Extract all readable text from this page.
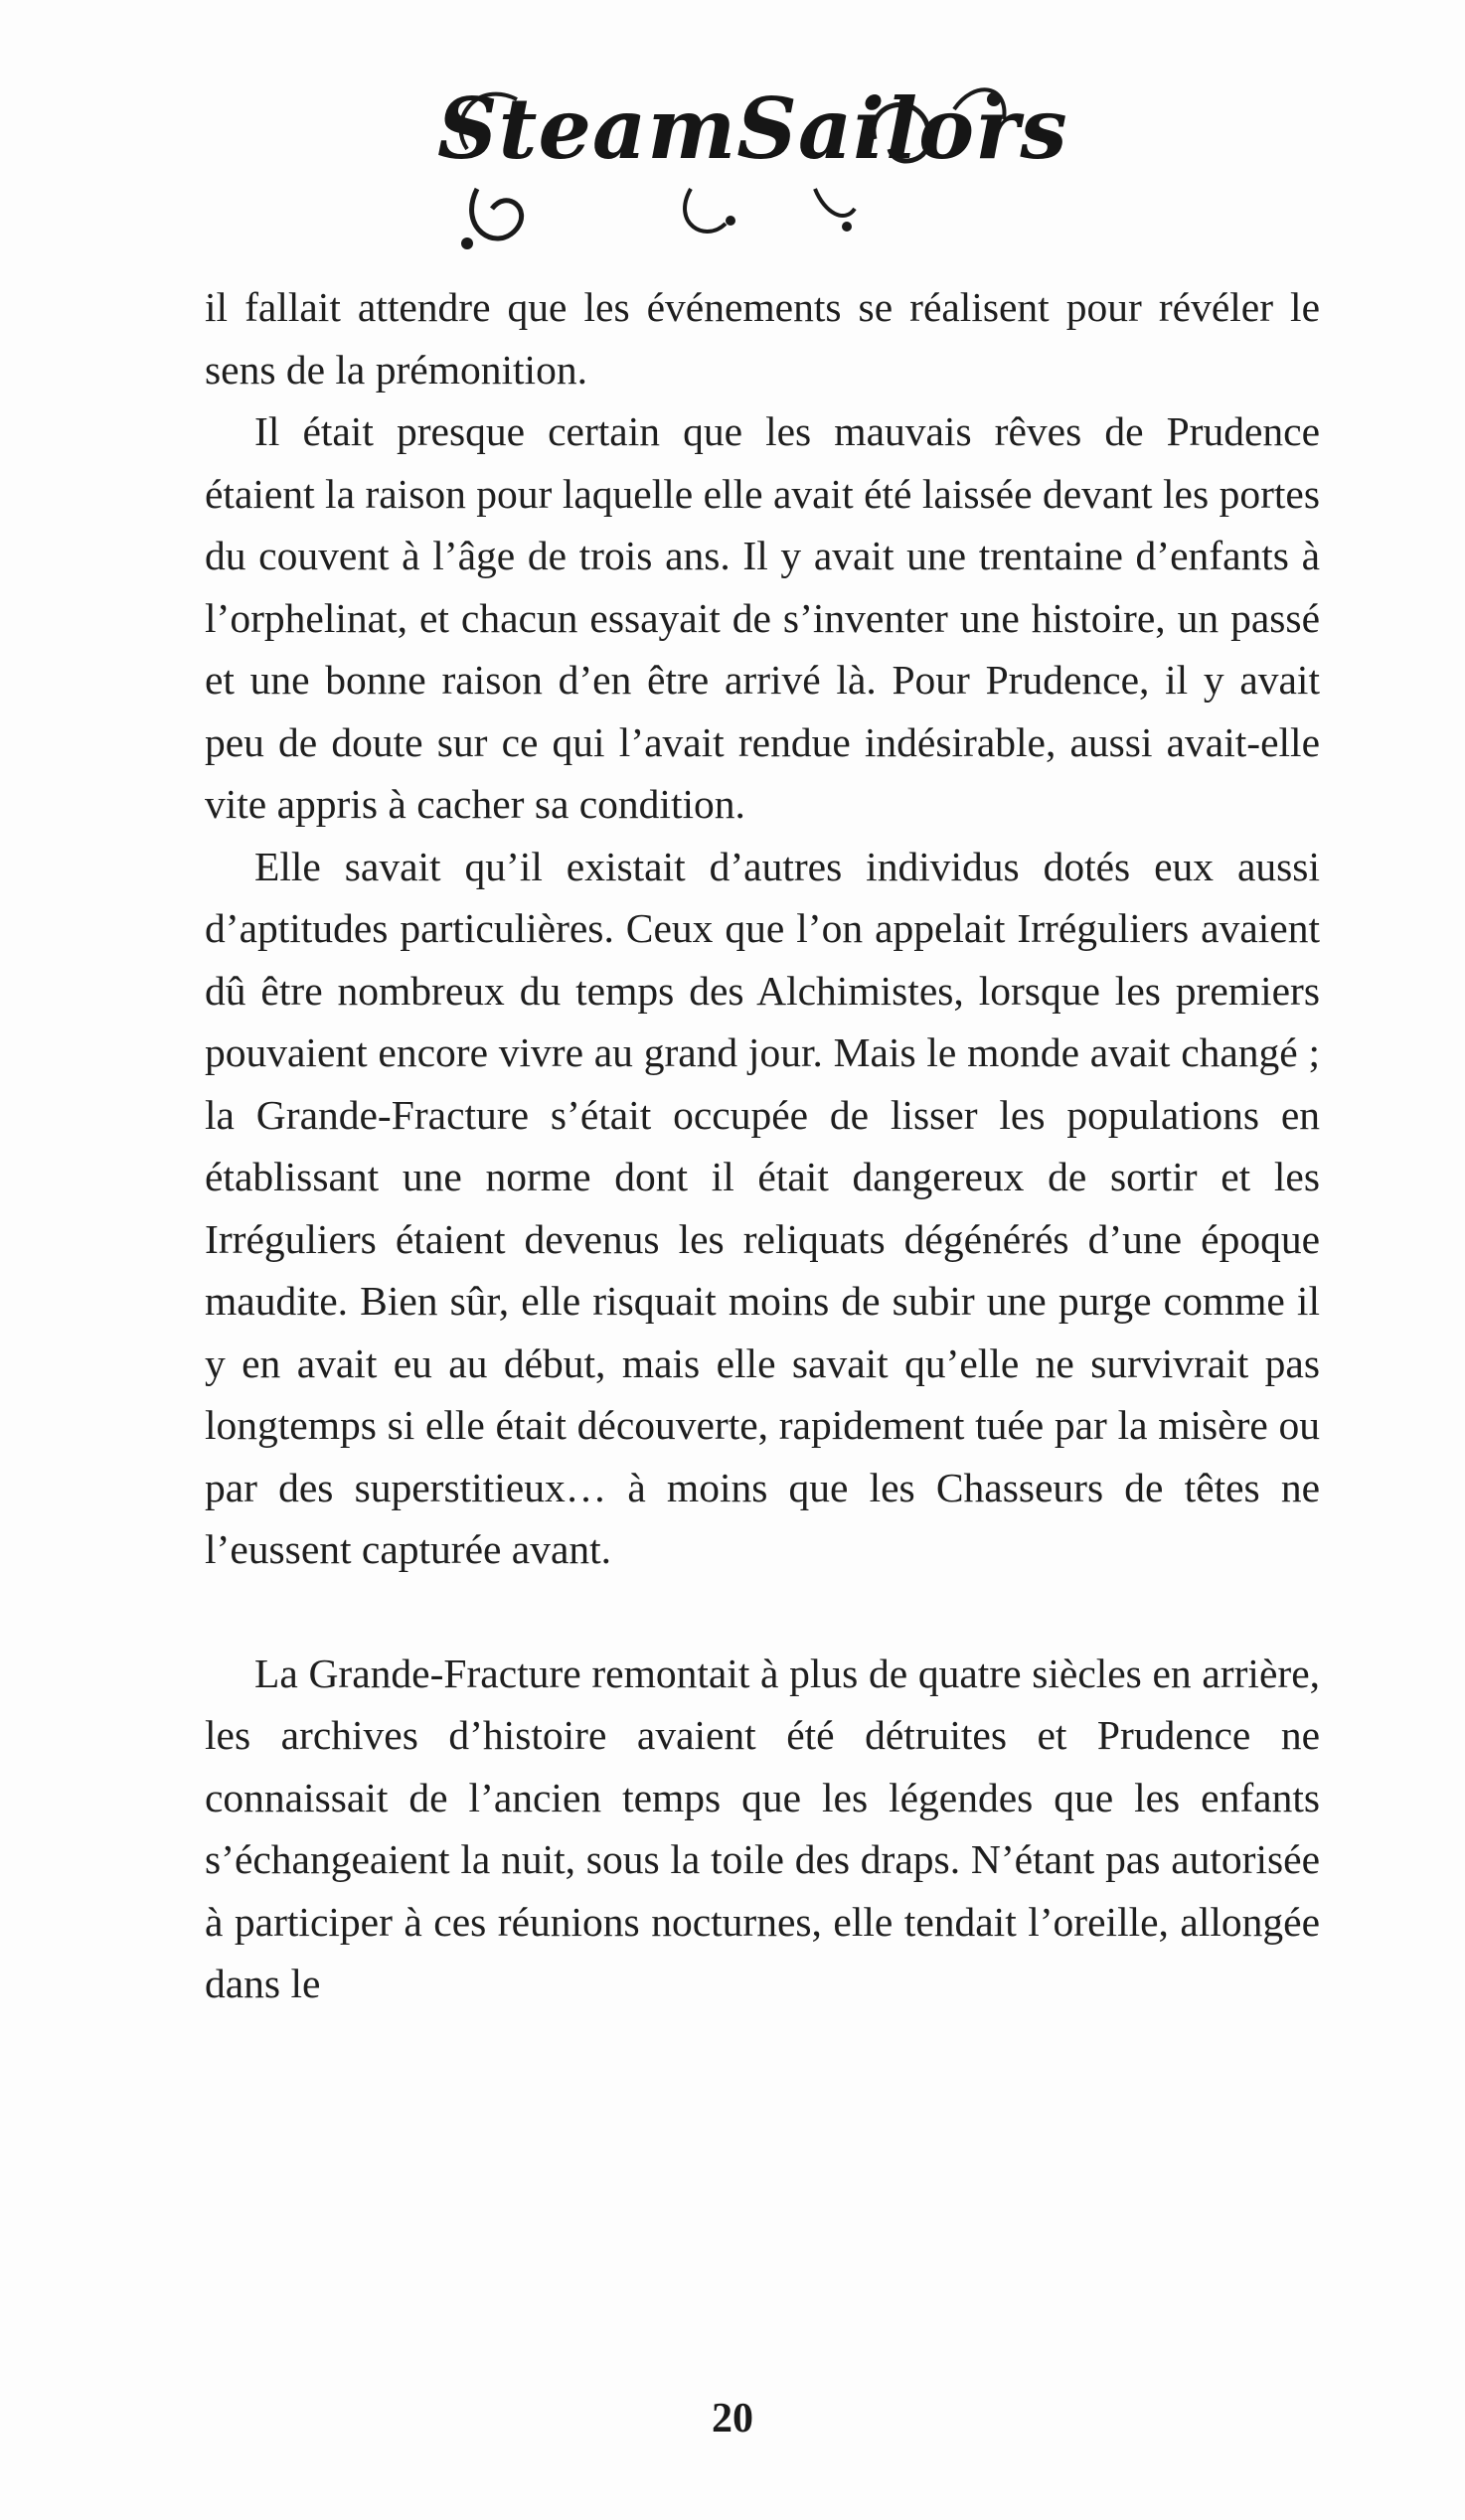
SteamSailors

il fallait attendre que les événements se réalisent pour révéler le sens de la prémonition.

Il était presque certain que les mauvais rêves de Prudence étaient la raison pour laquelle elle avait été laissée devant les portes du couvent à l’âge de trois ans. Il y avait une trentaine d’enfants à l’orphelinat, et chacun essayait de s’inventer une histoire, un passé et une bonne raison d’en être arrivé là. Pour Prudence, il y avait peu de doute sur ce qui l’avait rendue indésirable, aussi avait-elle vite appris à cacher sa condition.

Elle savait qu’il existait d’autres individus dotés eux aussi d’aptitudes particulières. Ceux que l’on appelait Irréguliers avaient dû être nombreux du temps des Alchimistes, lorsque les premiers pouvaient encore vivre au grand jour. Mais le monde avait changé ; la Grande-Fracture s’était occupée de lisser les populations en établissant une norme dont il était dangereux de sortir et les Irréguliers étaient devenus les reliquats dégénérés d’une époque maudite. Bien sûr, elle risquait moins de subir une purge comme il y en avait eu au début, mais elle savait qu’elle ne survivrait pas longtemps si elle était découverte, rapidement tuée par la misère ou par des superstitieux… à moins que les Chasseurs de têtes ne l’eussent capturée avant.

La Grande-Fracture remontait à plus de quatre siècles en arrière, les archives d’histoire avaient été détruites et Prudence ne connaissait de l’ancien temps que les légendes que les enfants s’échangeaient la nuit, sous la toile des draps. N’étant pas autorisée à participer à ces réunions nocturnes, elle tendait l’oreille, allongée dans le

20
